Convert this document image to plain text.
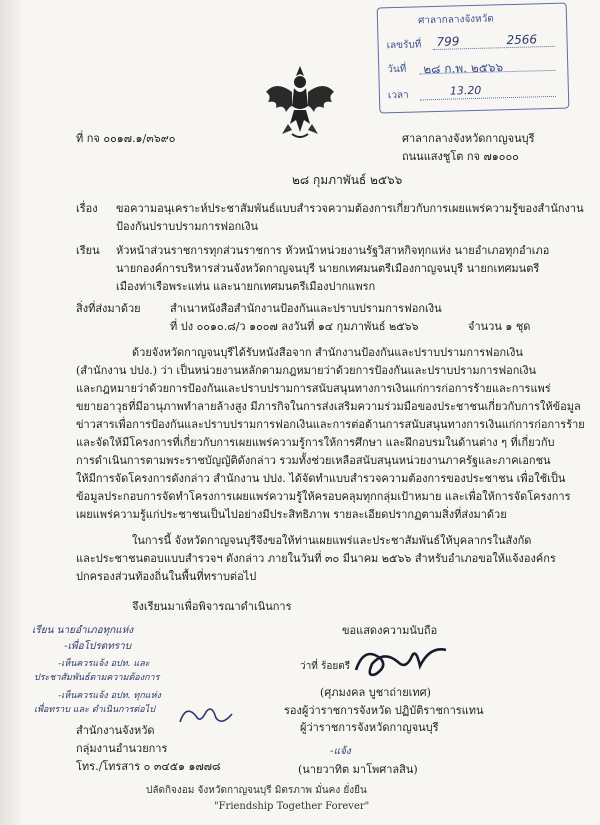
ศาลากลางจังหวัด
เลขรับที่ 799	2566
วันที่ ๒๘ ก.พ. ๒๕๖๖
เวลา	13.20
ที่ กจ ๐๐๑๗.๑/๓๖๙๐	ศาลากลางจังหวัดกาญจนบุรี
ถนนแสงชูโต กจ ๗๑๐๐๐
๒๘ กุมภาพันธ์ ๒๕๖๖
เรื่อง ขอความอนุเคราะห์ประชาสัมพันธ์แบบสำรวจความต้องการเกี่ยวกับการเผยแพร่ความรู้ของสำนักงาน
ป้องกันปราบปรามการฟอกเงิน
เรียน หัวหน้าส่วนราชการทุกส่วนราชการ หัวหน้าหน่วยงานรัฐวิสาหกิจทุกแห่ง นายอำเภอทุกอำเภอ
นายกองค์การบริหารส่วนจังหวัดกาญจนบุรี นายกเทศมนตรีเมืองกาญจนบุรี นายกเทศมนตรี
เมืองท่าเรือพระแท่น และนายกเทศมนตรีเมืองปากแพรก
สิ่งที่ส่งมาด้วย	สำเนาหนังสือสำนักงานป้องกันและปราบปรามการฟอกเงิน
ที่ ปง ๐๐๑๐.๘/ว ๑๐๐๗ ลงวันที่ ๑๔ กุมภาพันธ์ ๒๕๖๖	จำนวน ๑ ชุด
ด้วยจังหวัดกาญจนบุรีได้รับหนังสือจาก สำนักงานป้องกันและปราบปรามการฟอกเงิน
(สำนักงาน ปปง.) ว่า เป็นหน่วยงานหลักตามกฎหมายว่าด้วยการป้องกันและปราบปรามการฟอกเงิน
และกฎหมายว่าด้วยการป้องกันและปราบปรามการสนับสนุนทางการเงินแก่การก่อการร้ายและการแพร่
ขยายอาวุธที่มีอานุภาพทำลายล้างสูง มีภารกิจในการส่งเสริมความร่วมมือของประชาชนเกี่ยวกับการให้ข้อมูล
ข่าวสารเพื่อการป้องกันและปราบปรามการฟอกเงินและการต่อต้านการสนับสนุนทางการเงินแก่การก่อการร้าย
และจัดให้มีโครงการที่เกี่ยวกับการเผยแพร่ความรู้การให้การศึกษา และฝึกอบรมในด้านต่าง ๆ ที่เกี่ยวกับ
การดำเนินการตามพระราชบัญญัติดังกล่าว รวมทั้งช่วยเหลือสนับสนุนหน่วยงานภาครัฐและภาคเอกชน
ให้มีการจัดโครงการดังกล่าว สำนักงาน ปปง. ได้จัดทำแบบสำรวจความต้องการของประชาชน เพื่อใช้เป็น
ข้อมูลประกอบการจัดทำโครงการเผยแพร่ความรู้ให้ครอบคลุมทุกกลุ่มเป้าหมาย และเพื่อให้การจัดโครงการ
เผยแพร่ความรู้แก่ประชาชนเป็นไปอย่างมีประสิทธิภาพ รายละเอียดปรากฏตามสิ่งที่ส่งมาด้วย
ในการนี้ จังหวัดกาญจนบุรีจึงขอให้ท่านเผยแพร่และประชาสัมพันธ์ให้บุคลากรในสังกัด
และประชาชนตอบแบบสำรวจฯ ดังกล่าว ภายในวันที่ ๓๐ มีนาคม ๒๕๖๖ สำหรับอำเภอขอให้แจ้งองค์กร
ปกครองส่วนท้องถิ่นในพื้นที่ทราบต่อไป
จึงเรียนมาเพื่อพิจารณาดำเนินการ
ขอแสดงความนับถือ
ว่าที่ ร้อยตรี
(ศุภมงคล บูชาถ่ายเทศ)
รองผู้ว่าราชการจังหวัด ปฏิบัติราชการแทน
ผู้ว่าราชการจังหวัดกาญจนบุรี
-แจ้ง
(นายวาทิต มาโพศาลสิน)
เรียน นายอำเภอทุกแห่ง
-เพื่อโปรดทราบ
-เห็นควรแจ้ง อปท. และ
ประชาสัมพันธ์ตามความต้องการ
-เห็นควรแจ้ง อปท. ทุกแห่ง
เพื่อทราบ และ ดำเนินการต่อไป
สำนักงานจังหวัด
กลุ่มงานอำนวยการ
โทร./โทรสาร ๐ ๓๔๕๑ ๑๗๗๘
ปลัดกิจงอม จังหวัดกาญจนบุรี มิตรภาพ มั่นคง ยั่งยืน
"Friendship Together Forever"
